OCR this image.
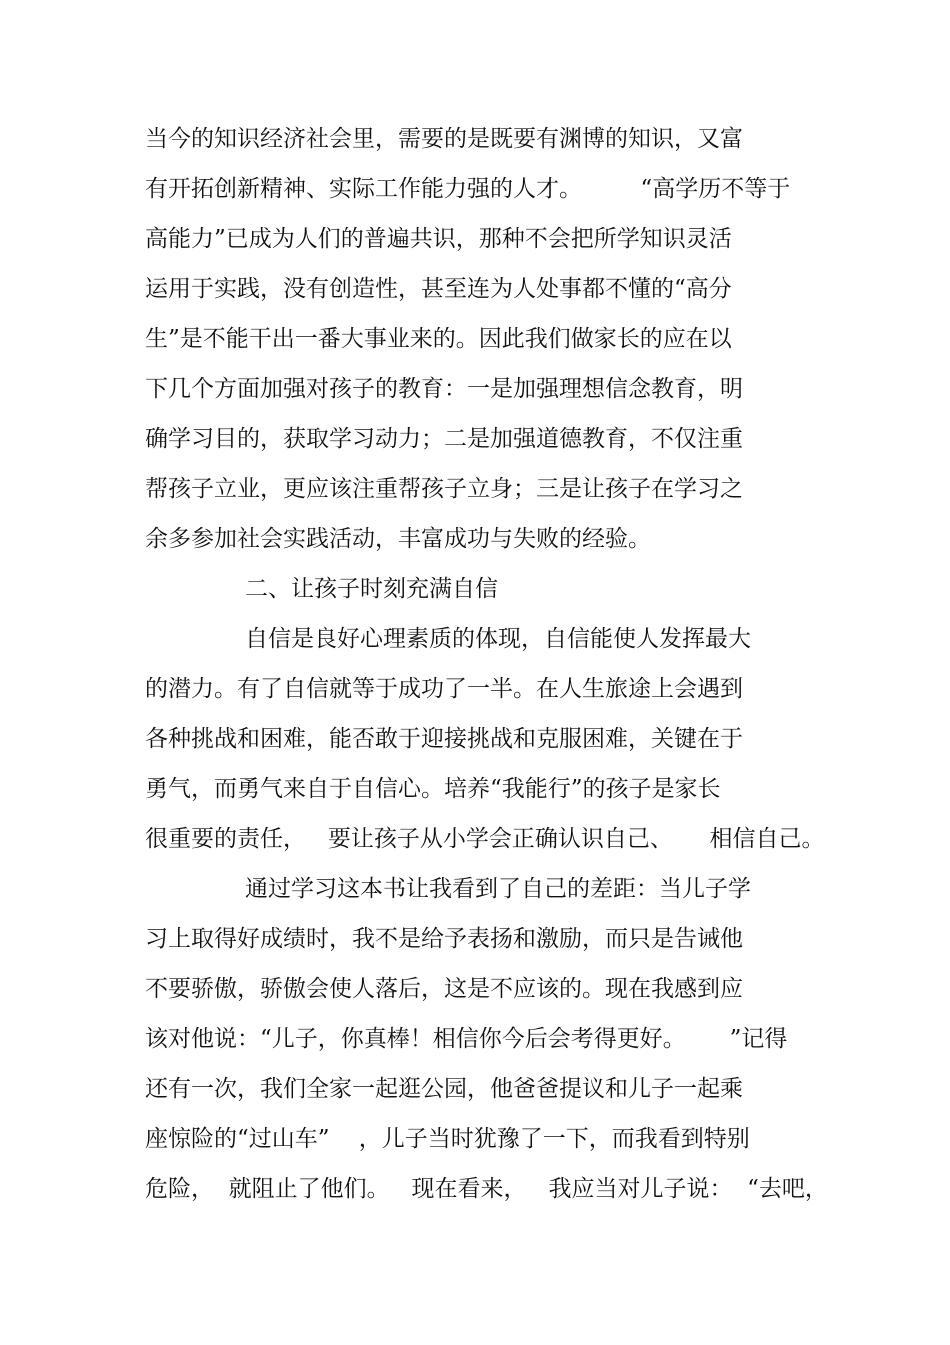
当今的知识经济社会里，需要的是既要有渊博的知识，又富
有开拓创新精神、实际工作能力强的人才。        “高学历不等于
高能力”已成为人们的普遍共识，那种不会把所学知识灵活
运用于实践，没有创造性，甚至连为人处事都不懂的“高分
生”是不能干出一番大事业来的。因此我们做家长的应在以
下几个方面加强对孩子的教育：一是加强理想信念教育，明
确学习目的，获取学习动力；二是加强道德教育，不仅注重
帮孩子立业，更应该注重帮孩子立身；三是让孩子在学习之
余多参加社会实践活动，丰富成功与失败的经验。
二、让孩子时刻充满自信
自信是良好心理素质的体现，自信能使人发挥最大
的潜力。有了自信就等于成功了一半。在人生旅途上会遇到
各种挑战和困难，能否敢于迎接挑战和克服困难，关键在于
勇气，而勇气来自于自信心。培养“我能行”的孩子是家长
很重要的责任，   要让孩子从小学会正确认识自己、     相信自己。
通过学习这本书让我看到了自己的差距：当儿子学
习上取得好成绩时，我不是给予表扬和激励，而只是告诫他
不要骄傲，骄傲会使人落后，这是不应该的。现在我感到应
该对他说：“儿子，你真棒！相信你今后会考得更好。      ”记得
还有一次，我们全家一起逛公园，他爸爸提议和儿子一起乘
座惊险的“过山车”    ，儿子当时犹豫了一下，而我看到特别
危险，  就阻止了他们。   现在看来，   我应当对儿子说：  “去吧，
